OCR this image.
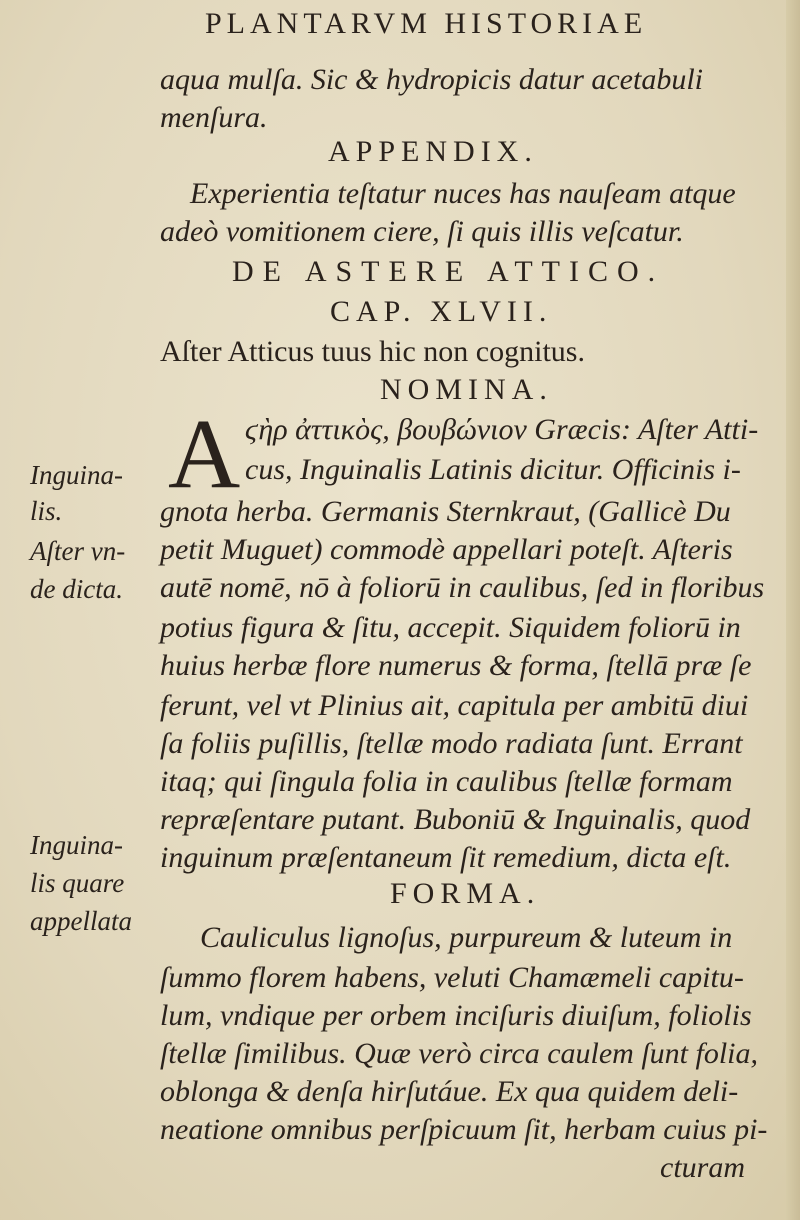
PLANTARVM HISTORIAE
aqua mulſa. Sic & hydropicis datur acetabuli
menſura.
APPENDIX.
Experientia teſtatur nuces has nauſeam atque
adeò vomitionem ciere, ſi quis illis veſcatur.
DE ASTERE ATTICO.
CAP. XLVII.
Aſter Atticus tuus hic non cognitus.
NOMINA.
A ϛὴρ ἀττικὸς, βουβώνιον Græcis: Aſter Atti-
cus, Inguinalis Latinis dicitur. Officinis i-
gnota herba. Germanis Sternkraut, (Gallicè Du
petit Muguet) commodè appellari poteſt. Aſteris
autē nomē, nō à foliorū in caulibus, ſed in floribus
potius figura & ſitu, accepit. Siquidem foliorū in
huius herbæ flore numerus & forma, ſtellā præ ſe
ferunt, vel vt Plinius ait, capitula per ambitū diui
ſa foliis puſillis, ſtellæ modo radiata ſunt. Errant
itaq; qui ſingula folia in caulibus ſtellæ formam
repræſentare putant. Buboniū & Inguinalis, quod
inguinum præſentaneum ſit remedium, dicta eſt.
FORMA.
Cauliculus lignoſus, purpureum & luteum in
ſummo florem habens, veluti Chamæmeli capitu-
lum, vndique per orbem inciſuris diuiſum, foliolis
ſtellæ ſimilibus. Quæ verò circa caulem ſunt folia,
oblonga & denſa hirſutáue. Ex qua quidem deli-
neatione omnibus perſpicuum ſit, herbam cuius pi-
cturam
Inguina-
lis.
Aſter vn-
de dicta.
Inguina-
lis quare
appellata
